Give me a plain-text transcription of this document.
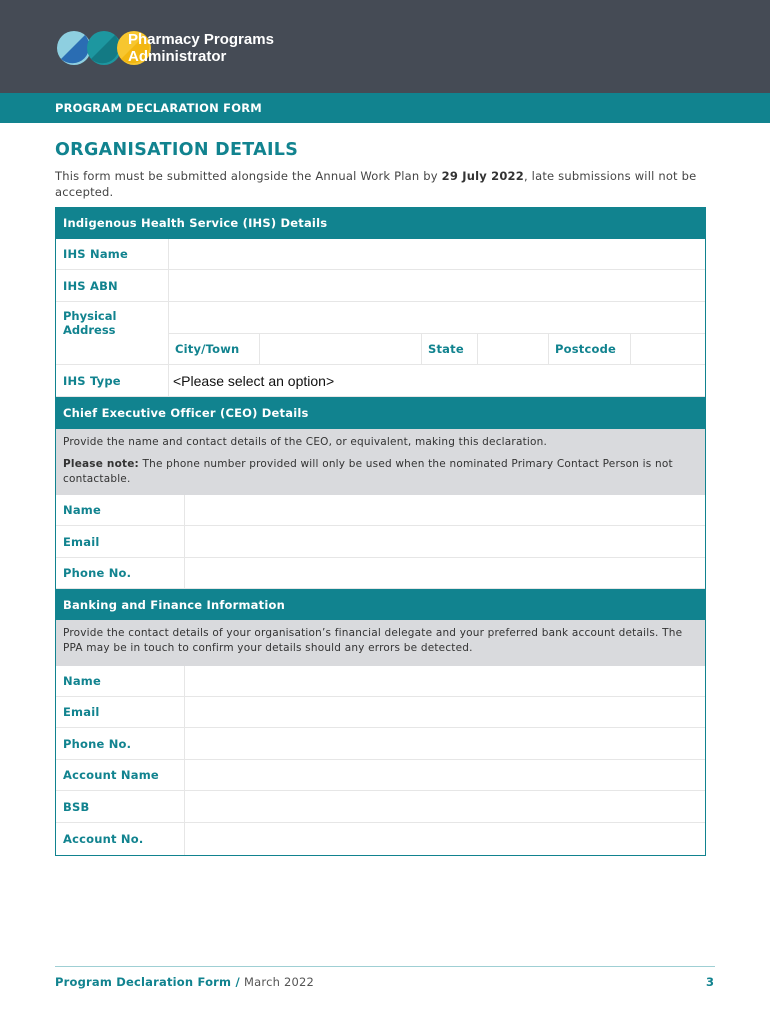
Pharmacy Programs
Administrator
PROGRAM DECLARATION FORM
ORGANISATION DETAILS
This form must be submitted alongside the Annual Work Plan by 29 July 2022, late submissions will not be accepted.
Indigenous Health Service (IHS) Details
IHS Name
IHS ABN
Physical Address
City/Town	State	Postcode
IHS Type	<Please select an option>
Chief Executive Officer (CEO) Details

Provide the name and contact details of the CEO, or equivalent, making this declaration.

Please note: The phone number provided will only be used when the nominated Primary Contact Person is not contactable.

Name
Email
Phone No.
Banking and Finance Information

Provide the contact details of your organisation’s financial delegate and your preferred bank account details. The PPA may be in touch to confirm your details should any errors be detected.

Name
Email
Phone No.
Account Name
BSB
Account No.
Program Declaration Form / March 2022	3
